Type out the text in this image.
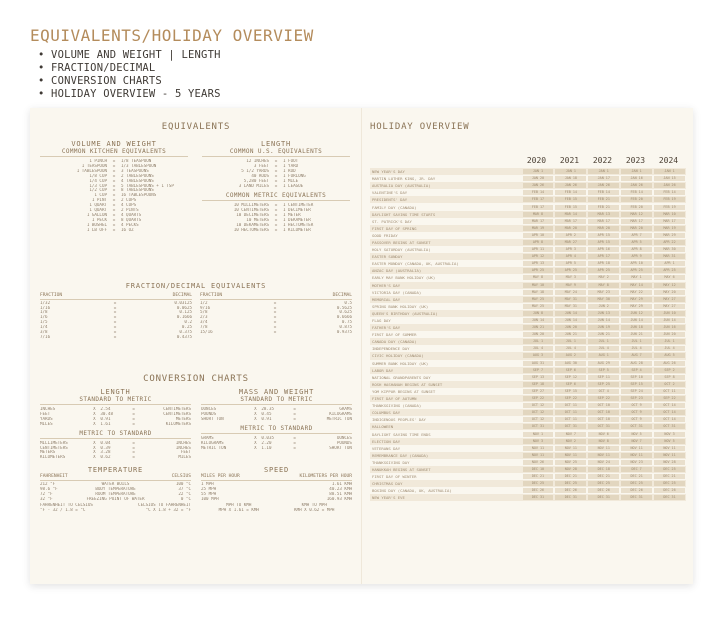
EQUIVALENTS/HOLIDAY OVERVIEW
• VOLUME AND WEIGHT | LENGTH
• FRACTION/DECIMAL
• CONVERSION CHARTS
• HOLIDAY OVERVIEW - 5 YEARS
EQUIVALENTS
VOLUME AND WEIGHT
COMMON KITCHEN EQUIVALENTS
1 PINCH	=	1/8 TEASPOON
1 TEASPOON	=	1/3 TABLESPOON
1 TABLESPOON	=	3 TEASPOONS
1/8 CUP	=	2 TABLESPOONS
1/4 CUP	=	4 TABLESPOONS
1/3 CUP	=	5 TABLESPOONS + 1 TSP
1/2 CUP	=	8 TABLESPOONS
1 CUP	=	16 TABLESPOONS
1 PINT	=	2 CUPS
1 QUART	=	4 CUPS
1 QUART	=	2 PINTS
1 GALLON	=	4 QUARTS
1 PECK	=	8 QUARTS
1 BUSHEL	=	4 PECKS
1 LB OFF	=	16 OZ
LENGTH
COMMON U.S. EQUIVALENTS
12 INCHES	=	1 FOOT
3 FEET	=	1 YARD
5 1/2 YARDS	=	1 ROD
40 RODS	=	1 FURLONG
5,280 FEET	=	1 MILE
3 LAND MILES	=	1 LEAGUE
COMMON METRIC EQUIVALENTS
10 MILLIMETERS	=	1 CENTIMETER
10 CENTIMETERS	=	1 DECIMETER
10 DECIMETERS	=	1 METER
10 METERS	=	1 DEKAMETER
10 DEKAMETERS	=	1 HECTOMETER
10 HECTOMETERS	=	1 KILOMETER
FRACTION/DECIMAL EQUIVALENTS
FRACTION	DECIMAL
1/32	=	0.03125
1/16	=	0.0625
1/8	=	0.125
1/6	=	0.1666
1/5	=	0.2
1/4	=	0.25
3/8	=	0.375
7/16	=	0.4375
FRACTION	DECIMAL
1/2	=	0.5
9/16	=	0.5625
5/8	=	0.625
2/3	=	0.6666
3/4	=	0.75
7/8	=	0.875
15/16	=	0.9375
CONVERSION CHARTS
LENGTH
STANDARD TO METRIC
INCHES	X	2.54	=	CENTIMETERS
FEET	X	30.48	=	CENTIMETERS
YARDS	X	0.91	=	METERS
MILES	X	1.61	=	KILOMETERS
METRIC TO STANDARD
MILLIMETERS	X	0.04	=	INCHES
CENTIMETERS	X	0.39	=	INCHES
METERS	X	3.28	=	FEET
KILOMETERS	X	0.62	=	MILES
MASS AND WEIGHT
STANDARD TO METRIC
OUNCES	X	28.35	=	GRAMS
POUNDS	X	0.45	=	KILOGRAMS
SHORT TON	X	0.91	=	METRIC TON
METRIC TO STANDARD
GRAMS	X	0.035	=	OUNCES
KILOGRAMS	X	2.20	=	POUNDS
METRIC TON	X	1.10	=	SHORT TON
TEMPERATURE
FAHRENHEIT	CELSIUS
212 °F	WATER BOILS	100 °C
98.6 °F	BODY TEMPERATURE	37 °C
72 °F	ROOM TEMPERATURE	22 °C
32 °F	FREEZING POINT OF WATER	0 °C
FAHRENHEIT TO CELSIUS	CELSIUS TO FAHRENHEIT
°F - 32 / 1.8 = °C	°C X 1.8 + 32 = °F
SPEED
MILES PER HOUR	KILOMETERS PER HOUR
1 MPH	1.61 KMH
25 MPH	40.23 KMH
55 MPH	88.51 KMH
100 MPH	160.93 KMH
MPH TO KMH	KMH TO MPH
MPH X 1.61 = KMH	KMH X 0.62 = MPH
HOLIDAY OVERVIEW
2020	2021	2022	2023	2024
NEW YEAR'S DAY	JAN 1	JAN 1	JAN 1	JAN 1	JAN 1
MARTIN LUTHER KING, JR. DAY	JAN 20	JAN 18	JAN 17	JAN 16	JAN 15
AUSTRALIA DAY (AUSTRALIA)	JAN 26	JAN 26	JAN 26	JAN 26	JAN 26
VALENTINE'S DAY	FEB 14	FEB 14	FEB 14	FEB 14	FEB 14
PRESIDENTS' DAY	FEB 17	FEB 15	FEB 21	FEB 20	FEB 19
FAMILY DAY (CANADA)	FEB 17	FEB 15	FEB 21	FEB 20	FEB 19
DAYLIGHT SAVING TIME STARTS	MAR 8	MAR 14	MAR 13	MAR 12	MAR 10
ST. PATRICK'S DAY	MAR 17	MAR 17	MAR 17	MAR 17	MAR 17
FIRST DAY OF SPRING	MAR 19	MAR 20	MAR 20	MAR 20	MAR 19
GOOD FRIDAY	APR 10	APR 2	APR 15	APR 7	MAR 29
PASSOVER BEGINS AT SUNSET	APR 8	MAR 27	APR 15	APR 5	APR 22
HOLY SATURDAY (AUSTRALIA)	APR 11	APR 3	APR 16	APR 8	MAR 30
EASTER SUNDAY	APR 12	APR 4	APR 17	APR 9	MAR 31
EASTER MONDAY (CANADA, UK, AUSTRALIA)	APR 13	APR 5	APR 18	APR 10	APR 1
ANZAC DAY (AUSTRALIA)	APR 25	APR 25	APR 25	APR 25	APR 25
EARLY MAY BANK HOLIDAY (UK)	MAY 8	MAY 3	MAY 2	MAY 1	MAY 6
MOTHER'S DAY	MAY 10	MAY 9	MAY 8	MAY 14	MAY 12
VICTORIA DAY (CANADA)	MAY 18	MAY 24	MAY 23	MAY 22	MAY 20
MEMORIAL DAY	MAY 25	MAY 31	MAY 30	MAY 29	MAY 27
SPRING BANK HOLIDAY (UK)	MAY 25	MAY 31	JUN 2	MAY 29	MAY 27
QUEEN'S BIRTHDAY (AUSTRALIA)	JUN 8	JUN 14	JUN 13	JUN 12	JUN 10
FLAG DAY	JUN 14	JUN 14	JUN 14	JUN 14	JUN 14
FATHER'S DAY	JUN 21	JUN 20	JUN 19	JUN 18	JUN 16
FIRST DAY OF SUMMER	JUN 20	JUN 21	JUN 21	JUN 21	JUN 20
CANADA DAY (CANADA)	JUL 1	JUL 1	JUL 1	JUL 1	JUL 1
INDEPENDENCE DAY	JUL 4	JUL 4	JUL 4	JUL 4	JUL 4
CIVIC HOLIDAY (CANADA)	AUG 3	AUG 2	AUG 1	AUG 7	AUG 5
SUMMER BANK HOLIDAY (UK)	AUG 31	AUG 30	AUG 29	AUG 28	AUG 26
LABOR DAY	SEP 7	SEP 6	SEP 5	SEP 4	SEP 2
NATIONAL GRANDPARENTS DAY	SEP 13	SEP 12	SEP 11	SEP 10	SEP 8
ROSH HASHANAH BEGINS AT SUNSET	SEP 18	SEP 6	SEP 25	SEP 15	OCT 2
YOM KIPPUR BEGINS AT SUNSET	SEP 27	SEP 15	OCT 4	SEP 24	OCT 11
FIRST DAY OF AUTUMN	SEP 22	SEP 22	SEP 22	SEP 23	SEP 22
THANKSGIVING (CANADA)	OCT 12	OCT 11	OCT 10	OCT 9	OCT 14
COLUMBUS DAY	OCT 12	OCT 11	OCT 10	OCT 9	OCT 14
INDIGENOUS PEOPLES' DAY	OCT 12	OCT 11	OCT 10	OCT 9	OCT 14
HALLOWEEN	OCT 31	OCT 31	OCT 31	OCT 31	OCT 31
DAYLIGHT SAVING TIME ENDS	NOV 1	NOV 7	NOV 6	NOV 5	NOV 3
ELECTION DAY	NOV 3	NOV 2	NOV 8	NOV 7	NOV 5
VETERANS DAY	NOV 11	NOV 11	NOV 11	NOV 11	NOV 11
REMEMBRANCE DAY (CANADA)	NOV 11	NOV 11	NOV 11	NOV 11	NOV 11
THANKSGIVING DAY	NOV 26	NOV 25	NOV 24	NOV 23	NOV 28
HANUKKAH BEGINS AT SUNSET	DEC 10	NOV 28	DEC 18	DEC 7	DEC 25
FIRST DAY OF WINTER	DEC 21	DEC 21	DEC 21	DEC 21	DEC 21
CHRISTMAS DAY	DEC 25	DEC 25	DEC 25	DEC 25	DEC 25
BOXING DAY (CANADA, UK, AUSTRALIA)	DEC 26	DEC 26	DEC 26	DEC 26	DEC 26
NEW YEAR'S EVE	DEC 31	DEC 31	DEC 31	DEC 31	DEC 31
